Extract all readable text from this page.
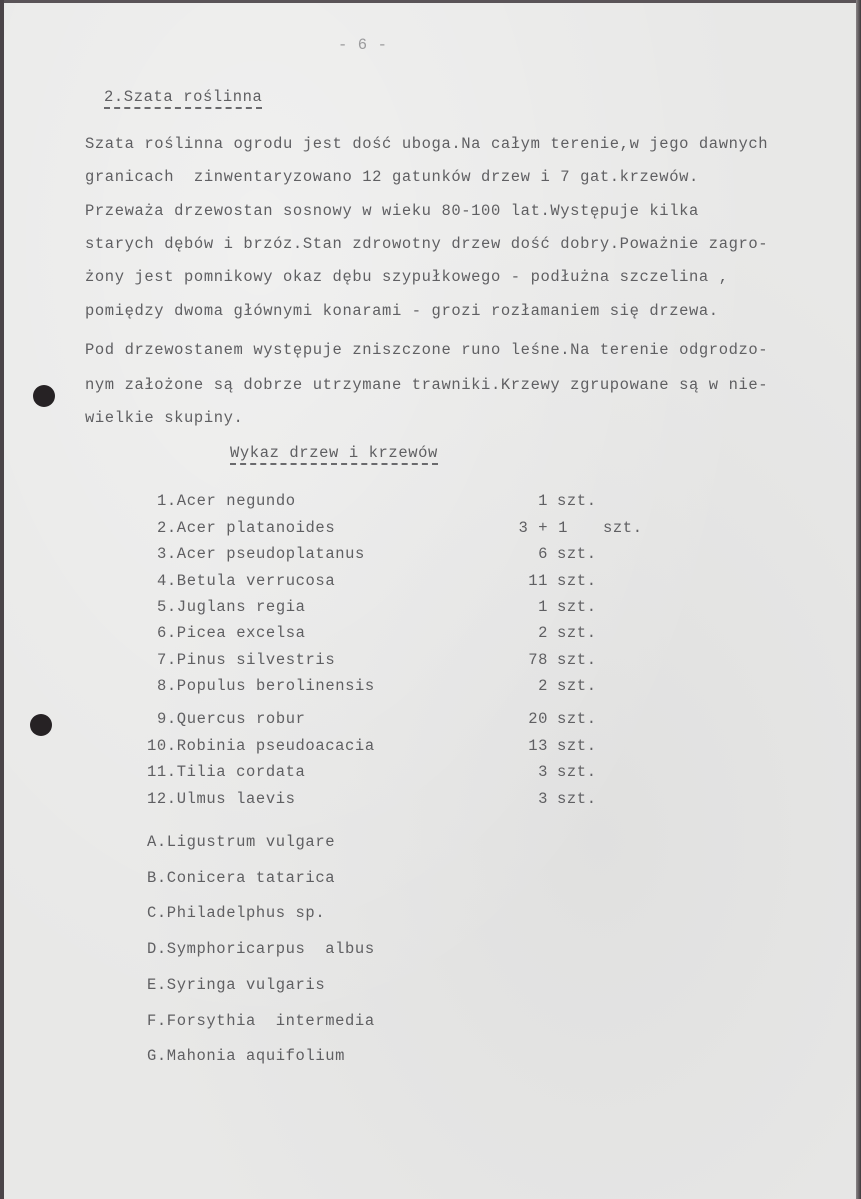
- 6 -
2.Szata roślinna
Szata roślinna ogrodu jest dość uboga.Na całym terenie,w jego dawnych
granicach  zinwentaryzowano 12 gatunków drzew i 7 gat.krzewów.
Przeważa drzewostan sosnowy w wieku 80-100 lat.Występuje kilka
starych dębów i brzóz.Stan zdrowotny drzew dość dobry.Poważnie zagro-
żony jest pomnikowy okaz dębu szypułkowego - podłużna szczelina ,
pomiędzy dwoma głównymi konarami - grozi rozłamaniem się drzewa.
Pod drzewostanem występuje zniszczone runo leśne.Na terenie odgrodzo-
nym założone są dobrze utrzymane trawniki.Krzewy zgrupowane są w nie-
wielkie skupiny.
Wykaz drzew i krzewów
1.Acer negundo	1 szt.
2.Acer platanoides	3 + 1 szt.
3.Acer pseudoplatanus	6 szt.
4.Betula verrucosa	11 szt.
5.Juglans regia	1 szt.
6.Picea excelsa	2 szt.
7.Pinus silvestris	78 szt.
8.Populus berolinensis	2 szt.
9.Quercus robur	20 szt.
10.Robinia pseudoacacia	13 szt.
11.Tilia cordata	3 szt.
12.Ulmus laevis	3 szt.
A.Ligustrum vulgare
B.Conicera tatarica
C.Philadelphus sp.
D.Symphoricarpus  albus
E.Syringa vulgaris
F.Forsythia  intermedia
G.Mahonia aquifolium
